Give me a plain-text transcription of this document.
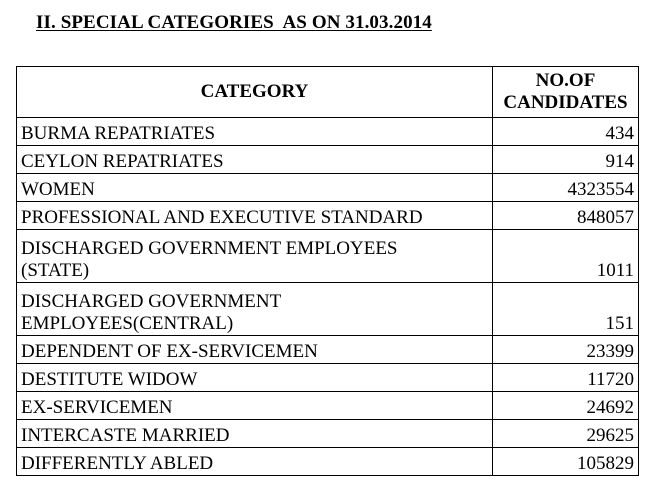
II. SPECIAL CATEGORIES  AS ON 31.03.2014
CATEGORY	NO.OF
CANDIDATES
BURMA REPATRIATES	434
CEYLON REPATRIATES	914
WOMEN	4323554
PROFESSIONAL AND EXECUTIVE STANDARD	848057
DISCHARGED GOVERNMENT EMPLOYEES
(STATE)	1011
DISCHARGED GOVERNMENT
EMPLOYEES(CENTRAL)	151
DEPENDENT OF EX-SERVICEMEN	23399
DESTITUTE WIDOW	11720
EX-SERVICEMEN	24692
INTERCASTE MARRIED	29625
DIFFERENTLY ABLED	105829
